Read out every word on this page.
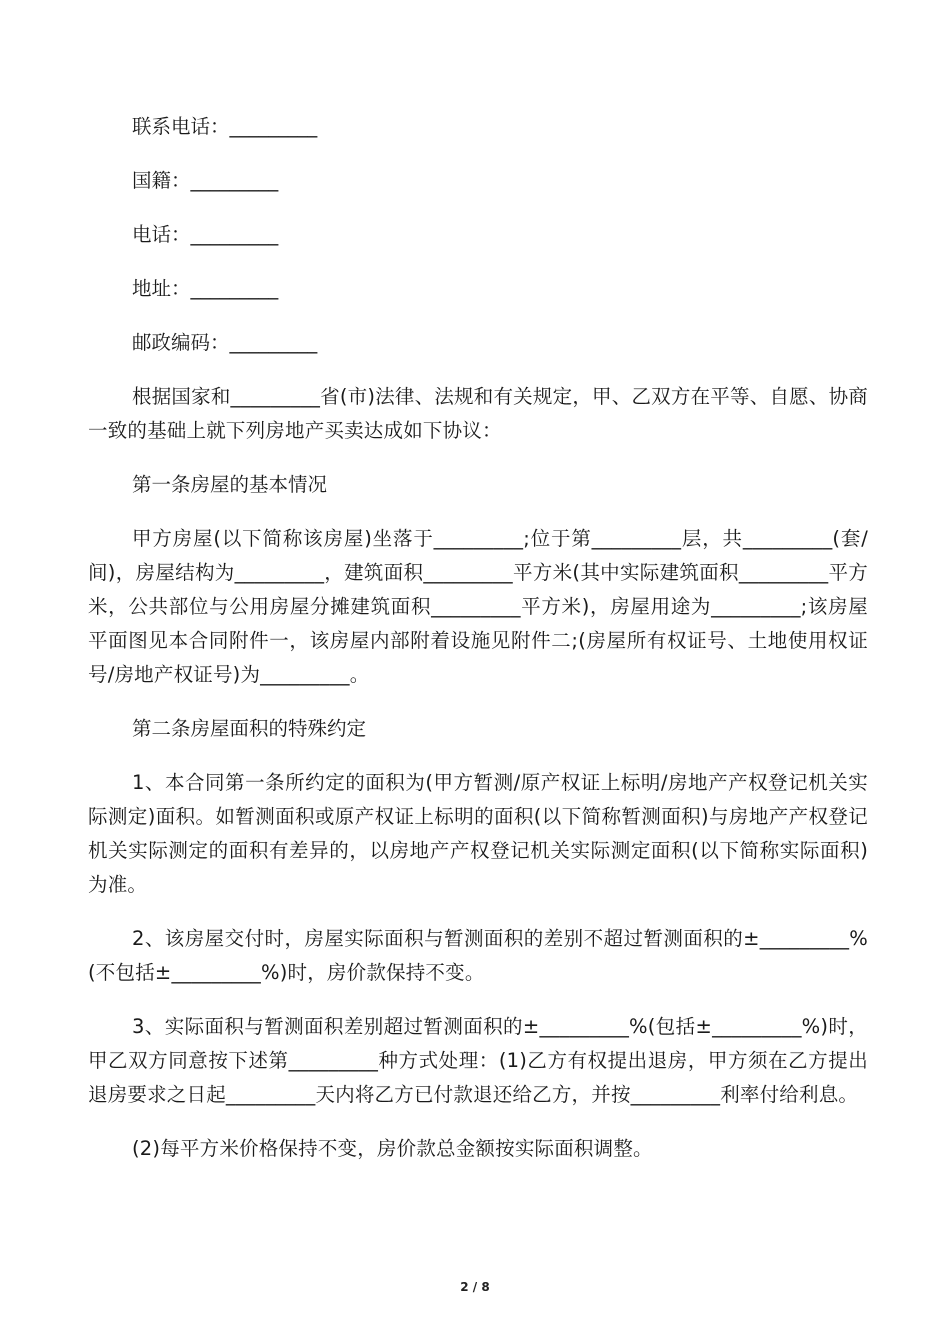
联系电话：_________

国籍：_________

电话：_________

地址：_________

邮政编码：_________

根据国家和_________省(市)法律、法规和有关规定，甲、乙双方在平等、自愿、协商一致的基础上就下列房地产买卖达成如下协议：

第一条房屋的基本情况

甲方房屋(以下简称该房屋)坐落于_________;位于第_________层，共_________(套/间)，房屋结构为_________，建筑面积_________平方米(其中实际建筑面积_________平方米，公共部位与公用房屋分摊建筑面积_________平方米)，房屋用途为_________;该房屋平面图见本合同附件一，该房屋内部附着设施见附件二;(房屋所有权证号、土地使用权证号/房地产权证号)为_________。

第二条房屋面积的特殊约定

1、本合同第一条所约定的面积为(甲方暂测/原产权证上标明/房地产产权登记机关实际测定)面积。如暂测面积或原产权证上标明的面积(以下简称暂测面积)与房地产产权登记机关实际测定的面积有差异的，以房地产产权登记机关实际测定面积(以下简称实际面积)为准。

2、该房屋交付时，房屋实际面积与暂测面积的差别不超过暂测面积的±_________%(不包括±_________%)时，房价款保持不变。

3、实际面积与暂测面积差别超过暂测面积的±_________%(包括±_________%)时，甲乙双方同意按下述第_________种方式处理：(1)乙方有权提出退房，甲方须在乙方提出退房要求之日起_________天内将乙方已付款退还给乙方，并按_________利率付给利息。

(2)每平方米价格保持不变，房价款总金额按实际面积调整。

2 / 8
